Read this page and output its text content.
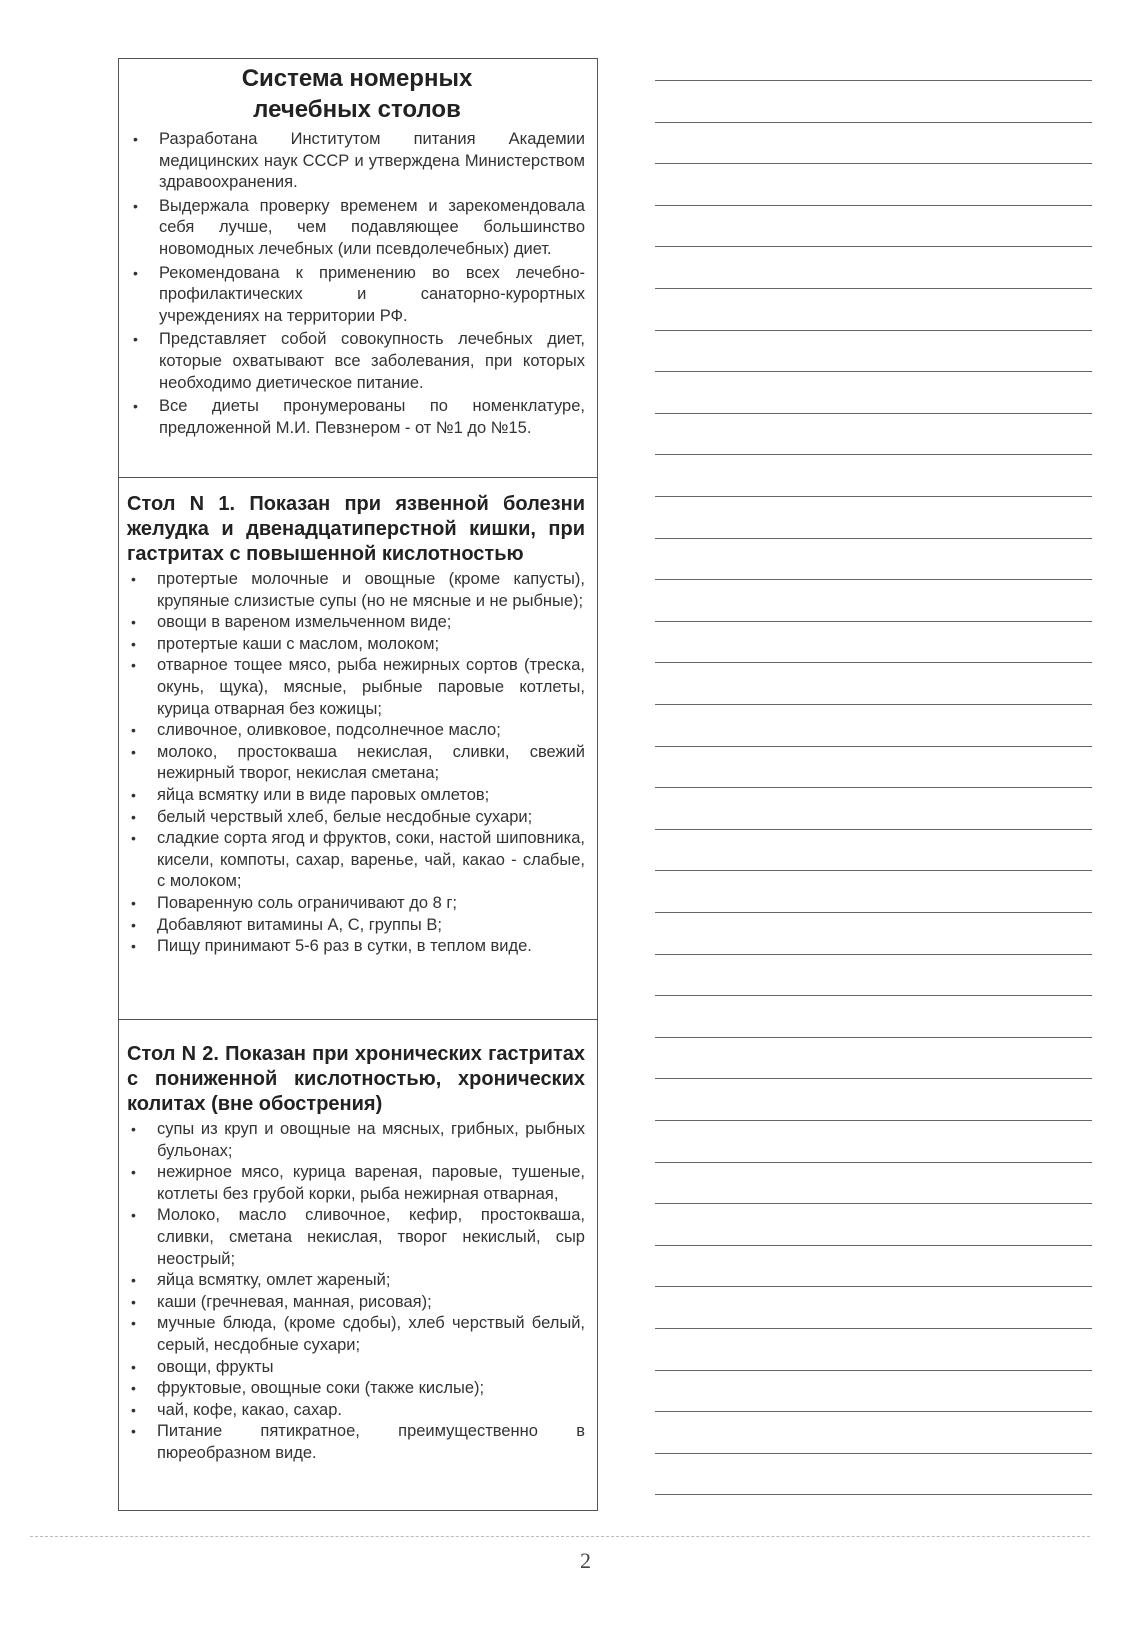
Система номерных
лечебных столов
• Разработана Институтом питания Академии медицинских наук СССР и утверждена Министерством здравоохранения.
• Выдержала проверку временем и зарекомендовала себя лучше, чем подавляющее большинство новомодных лечебных (или псевдолечебных) диет.
• Рекомендована к применению во всех лечебно-профилактических и санаторно-курортных учреждениях на территории РФ.
• Представляет собой совокупность лечебных диет, которые охватывают все заболевания, при которых необходимо диетическое питание.
• Все диеты пронумерованы по номенклатуре, предложенной М.И. Певзнером - от №1 до №15.
Стол N 1. Показан при язвенной болезни желудка и двенадцатиперстной кишки, при гастритах с повышенной кислотностью
• протертые молочные и овощные (кроме капусты), крупяные слизистые супы (но не мясные и не рыбные);
• овощи в вареном измельченном виде;
• протертые каши с маслом, молоком;
• отварное тощее мясо, рыба нежирных сортов (треска, окунь, щука), мясные, рыбные паровые котлеты, курица отварная без кожицы;
• сливочное, оливковое, подсолнечное масло;
• молоко, простокваша некислая, сливки, свежий нежирный творог, некислая сметана;
• яйца всмятку или в виде паровых омлетов;
• белый черствый хлеб, белые несдобные сухари;
• сладкие сорта ягод и фруктов, соки, настой шиповника, кисели, компоты, сахар, варенье, чай, какао - слабые, с молоком;
• Поваренную соль ограничивают до 8 г;
• Добавляют витамины А, С, группы В;
• Пищу принимают 5-6 раз в сутки, в теплом виде.
Стол N 2. Показан при хронических гастритах с пониженной кислотностью, хронических колитах (вне обострения)
• супы из круп и овощные на мясных, грибных, рыбных бульонах;
• нежирное мясо, курица вареная, паровые, тушеные, котлеты без грубой корки, рыба нежирная отварная,
• Молоко, масло сливочное, кефир, простокваша, сливки, сметана некислая, творог некислый, сыр неострый;
• яйца всмятку, омлет жареный;
• каши (гречневая, манная, рисовая);
• мучные блюда, (кроме сдобы), хлеб черствый белый, серый, несдобные сухари;
• овощи, фрукты
• фруктовые, овощные соки (также кислые);
• чай, кофе, какао, сахар.
• Питание пятикратное, преимущественно в пюреобразном виде.
2
